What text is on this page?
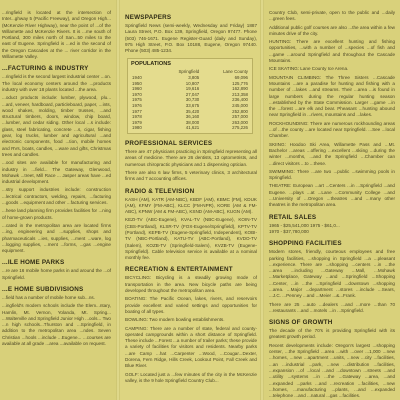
...ringfield is located at the intersection of Inter...ghway 5 (Pacific Freeway), and Oregon High...(McKenzie River Highway), near the point of ...of the Willamette and McKenzie Rivers. It is ...me south of Portland, 300 miles north of San...50 miles to the east of Eugene. Springfield is ...ed in the second of the Oregon Cascades at the ... river corridor in the Willamette Valley.

...FACTURING & INDUSTRY

...ringfield is the second largest industrial center ...on. The local economy centers around the ...products industry with over 18 plants located ...the area.

...oduct products include: lumber, plywood, plu... ...ard, veneer, hardboard, particleboard, paper, ...ints, wood shakes, molding, timber trusses, ...and structural timbers, doors, window, chip board, ...lumber, and cedar siding. Other local ...s include: glass, steel fabricating, concrete ...s, cigar, fishing gear, log trucks, lumber and agricultural ...and electronic components, food ...tion, mobile homes and RVs, boats, candles, ...ware and gifts, Christmas trees and candles.

...ood sites are available for manufacturing and industry in ...field... The Gateway, Glenwood, Mohawk ...treet, Mill Race ... Jasper areas have ...ed industrial development.

...stry support industries include: construction ...lectrical contractors, welding, repairs, ...facturing ...goods ...equipment and other ...facturing services.

...hese land planning firm provides facilities for ...ning of home-grown products.

...cated in the metropolitan area are located firms ...ing, engineering and ...supplies, shops and pharmaceuticals ...ies, supplies, ...ment ...ware, log ...logging supplies, ...ment ...forms, ...gas ...engine equipment.

...ILE HOME PARKS

...re are 16 mobile home parks in and around the ...of Springfield.

...E HOME SUBDIVISIONS

...field has a number of mobile home sub...ns.

...ingfield's modern schools include the Elem...ntary, Hamlin, Mt. Vernon, Yolanda, Mt. Spring... ...Walterville and Springfield Junior High ...ools... Two ...n high schools...Thurston and ...Springfield, in addition to the metropolitan area ...ndes. Seven Christian ...hools ...include ...Eugene... ...courses are available at all grade ...area ...available on request.

NEWSPAPERS

Springfield News (semi-weekly, Wednesday and Friday) 1887 Laura Street, P.O. Box 139, Springfield, Oregon 97477. Phone (503) 746-1671. Eugene Register-Guard (daily and Sunday), 975 High Street, P.O. Box 10188, Eugene, Oregon 97440. Phone (503) 485-1234.

POPULATIONS
	Springfield	Lane County
1940	3,805	69,096
1950	10,807	125,776
1960	19,616	162,890
1970	27,047	213,358
1975	30,730	236,400
1976	33,675	245,000
1977	35,420	252,800
1978	36,160	257,000
1979	38,000	263,000
1980	41,621	275,226
PROFESSIONAL SERVICES

There are 47 physicians practicing in Springfield representing all areas of medicine. There are 26 dentists, 13 optometrists, and numerous chiropractic physicians and 1 dispensing optician.

There are also 6 law firms, 5 veterinary clinics, 3 architectural firms and 7 accounting offices.

RADIO & TELEVISION

KASH (AM), KATR (AM-NBC), KBDF (AM), KBMC (FM), KDUK (AM), KFMY (FM-ABC), KLCC (FM-NPR), KORE (AM & FM-ABC), KPNW (AM & FM-ABC), KSND (AM-ABC), KUGN (AM).

KEZI-TV (ABC-Eugene), KVAL-TV (NBC-Eugene), KOIN-TV (CBS-Portland), KLSR-TV (FOX-Eugene/Springfield), KPTV-TV (Portland), KEPB-TV (Eugene-Springfield, Independent), KOBI-TV (NBC-Portland), KATU-TV (ABC-Portland), KVDO-TV (Salem), KOZB-TV (Springfield-Salem), KVZB-TV (Eugene-Springfield). Cable television service is available at a nominal monthly fee.

RECREATION & ENTERTAINMENT

BICYCLING: Bicycling is a steadily growing mode of transportation in the area. New bicycle paths are being developed throughout the metropolitan area.

BOATING: The Pacific Ocean, lakes, rivers, and reservoirs provide excellent and varied settings and opportunities for boating of all types.

BOWLING: Two modern bowling establishments.

CAMPING: There are a number of state, federal and county-operated campgrounds within a short distance of Springfield. These include ...Forest ...a number of trailer parks; these provide a variety of facilities for visitors and residents. Nearby parks ...are Camp ...hat ...Carpenter ...Wood, ...Cougar...Dexter, Dorena, Fern Ridge, Hills Creek, Lookout Point, Fall Creek and Blue River.

GOLF: Located just a ...few minutes of the city in the McKenzie valley, is the 9 hole Springfield Country Club...

Country Club, semi-private, open to the public and ...daily ...green fees.

Additional public golf courses are also ...the area within a few minutes drive of the city.

HUNTING: There are excellent hunting and fishing opportunities, ...with a number of ...species ...of fish and ...game ...around Springfield and throughout the Cascade Mountains.

ICE SKATING: Lane County Ice Arena.

MOUNTAIN CLIMBING: The Three Sisters ...Cascade Mountains ...are a paradise for hunting and fishing with a number of ...lakes ...and streams. Their ...area ...is found in large numbers during the regular hunting season ...established by the State Commission. Larger ...game ...in the ...forest ...are elk and bear. Pheasant ...hunting abound near Springfield in ...rivers, mountains and ...lakes.

ROCKHOUNDING: There are numerous rockhounding areas ...of ...the county ...are located near Springfield. ...See ...local Chamber.

SKIING: Hoodoo Ski Area, Willamette Pass and ...Mt. Bachelor ...areas ...offering ...excellent ...skiing ...during the winter ...months, ...and the Springfield ...Chamber can ...direct visitors ...to ...these.

SWIMMING: There ...are two ...public ...swimming pools in Springfield.

THEATRE: European ...art ...Centers ...in ...Springfield ...and Eugene. ...plays ...at ...Lane ...Community College ...and ...University of ...Oregon ...theatres ...and ...many other theatres in the metropolitan area.

RETAIL SALES

1965 - $25,541,000 1975 - $61,0...
1970 - $37,780,000

SHOPPING FACILITIES

Modern stores, friendly, courteous employees and free parking facilities, ...shopping in Springfield ...a ...pleasant ...experience. There are ...shopping ...centers ...in ...the ...area ...including ...Gateway ...Mall, ...Mohawk ...Marketplace, Gateway ...and ...Springfield ...Shopping ...Center, ...in ...the ...Springfield ...downtown ...shopping ...area. ...Major ...department ...stores ...include ...Sears, ...J.C. ...Penney ...and ...Meier ...&...Frank.

There are 25 ...auto ...dealers ...and ...more ...than 70 ...restaurants ...and ...motels ...in ...Springfield.

SIGNS OF GROWTH

The decade of the 70's is providing Springfield with its greatest growth period.

Recent developments include: Oregon's largest ...shopping center, ...the Springfield ...area ...with ...over ...1,000 ...new ...homes, ...new ...apartment ...units, ...new ...city ...facilities, ...an ...industrial ...park, ...new ...distribution ...facilities, ...expansion ...of ...local ...and ...downtown ...streets ...and ...utility ...systems ...in ...the ...Gateway ...area, ...and ...expanded ...parks ...and ...recreation ...facilities, ...new ...homes, ...manufacturing ...plants, ...and ...expanded ...telephone ...and ...natural ...gas ...facilities.
